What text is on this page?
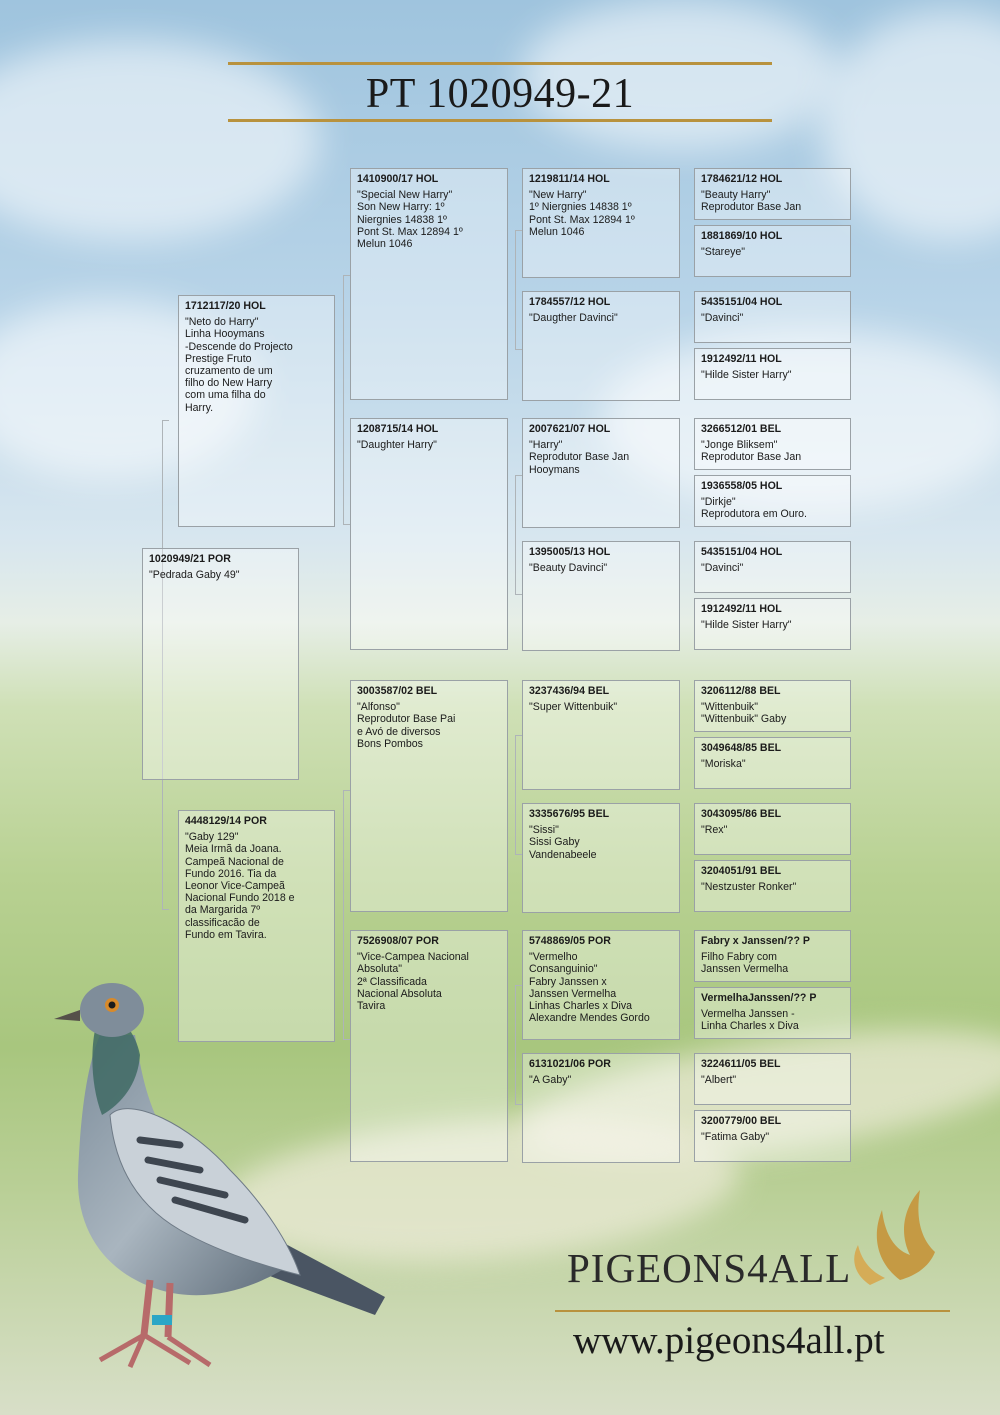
PT 1020949-21
1020949/21 POR
"Pedrada Gaby 49"
1712117/20 HOL
"Neto do Harry"
Linha Hooymans
-Descende do Projecto
Prestige Fruto
cruzamento de um
filho do New Harry
com uma filha do
Harry.
4448129/14 POR
"Gaby 129"
Meia Irmã da Joana.
Campeã Nacional de
Fundo 2016. Tia da
Leonor Vice-Campeã
Nacional Fundo 2018 e
da Margarida 7º
classificacão de
Fundo em Tavira.
1410900/17 HOL
"Special New Harry"
Son New Harry: 1º
Niergnies 14838 1º
Pont St. Max 12894 1º
Melun 1046
1208715/14 HOL
"Daughter Harry"
3003587/02 BEL
"Alfonso"
Reprodutor Base Pai
e Avó de diversos
Bons Pombos
7526908/07 POR
"Vice-Campea Nacional
Absoluta"
2ª Classificada
Nacional Absoluta
Tavira
1219811/14 HOL
"New Harry"
1º Niergnies 14838 1º
Pont St. Max 12894 1º
Melun 1046
1784557/12 HOL
"Daugther Davinci"
2007621/07 HOL
"Harry"
Reprodutor Base Jan
Hooymans
1395005/13 HOL
"Beauty Davinci"
3237436/94 BEL
"Super Wittenbuik"
3335676/95 BEL
"Sissi"
Sissi Gaby
Vandenabeele
5748869/05 POR
"Vermelho
Consanguinio"
Fabry Janssen x
Janssen Vermelha
Linhas Charles x Diva
Alexandre Mendes Gordo
6131021/06 POR
"A Gaby"
1784621/12 HOL
"Beauty Harry"
Reprodutor Base Jan
1881869/10 HOL
"Stareye"
5435151/04 HOL
"Davinci"
1912492/11 HOL
"Hilde Sister Harry"
3266512/01 BEL
"Jonge Bliksem"
Reprodutor Base Jan
1936558/05 HOL
"Dirkje"
Reprodutora em Ouro.
5435151/04 HOL
"Davinci"
1912492/11 HOL
"Hilde Sister Harry"
3206112/88 BEL
"Wittenbuik"
"Wittenbuik" Gaby
3049648/85 BEL
"Moriska"
3043095/86 BEL
"Rex"
3204051/91 BEL
"Nestzuster Ronker"
Fabry x Janssen/?? P
Filho Fabry com
Janssen Vermelha
VermelhaJanssen/?? P
Vermelha Janssen -
Linha Charles x Diva
3224611/05 BEL
"Albert"
3200779/00 BEL
"Fatima Gaby"
PIGEONS4ALL
www.pigeons4all.pt
